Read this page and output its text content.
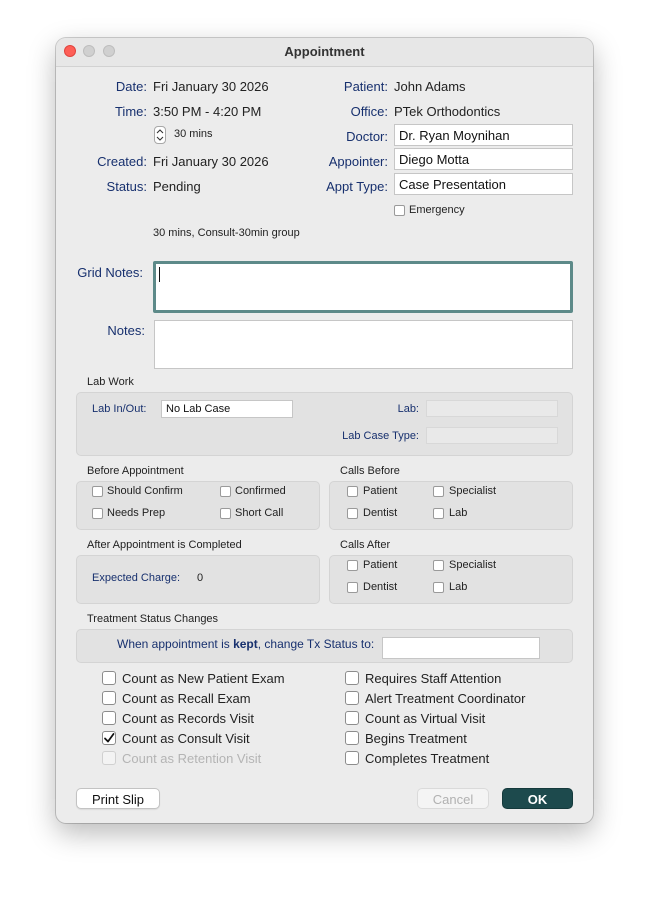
Appointment
Date: Fri January 30 2026
Time: 3:50 PM - 4:20 PM
30 mins
Created: Fri January 30 2026
Status: Pending
Patient: John Adams
Office: PTek Orthodontics
Doctor: Dr. Ryan Moynihan
Appointer: Diego Motta
Appt Type: Case Presentation
Emergency
30 mins, Consult-30min group
Grid Notes:
Notes:
Lab Work
Lab In/Out:	No Lab Case	Lab:
Lab Case Type:
Before Appointment
Should Confirm	Confirmed
Needs Prep	Short Call
Calls Before
Patient	Specialist
Dentist	Lab
After Appointment is Completed
Expected Charge: 0
Calls After
Patient	Specialist
Dentist	Lab
Treatment Status Changes
When appointment is kept, change Tx Status to:
Count as New Patient Exam
Count as Recall Exam
Count as Records Visit
Count as Consult Visit
Count as Retention Visit
Requires Staff Attention
Alert Treatment Coordinator
Count as Virtual Visit
Begins Treatment
Completes Treatment
Print Slip	Cancel	OK
